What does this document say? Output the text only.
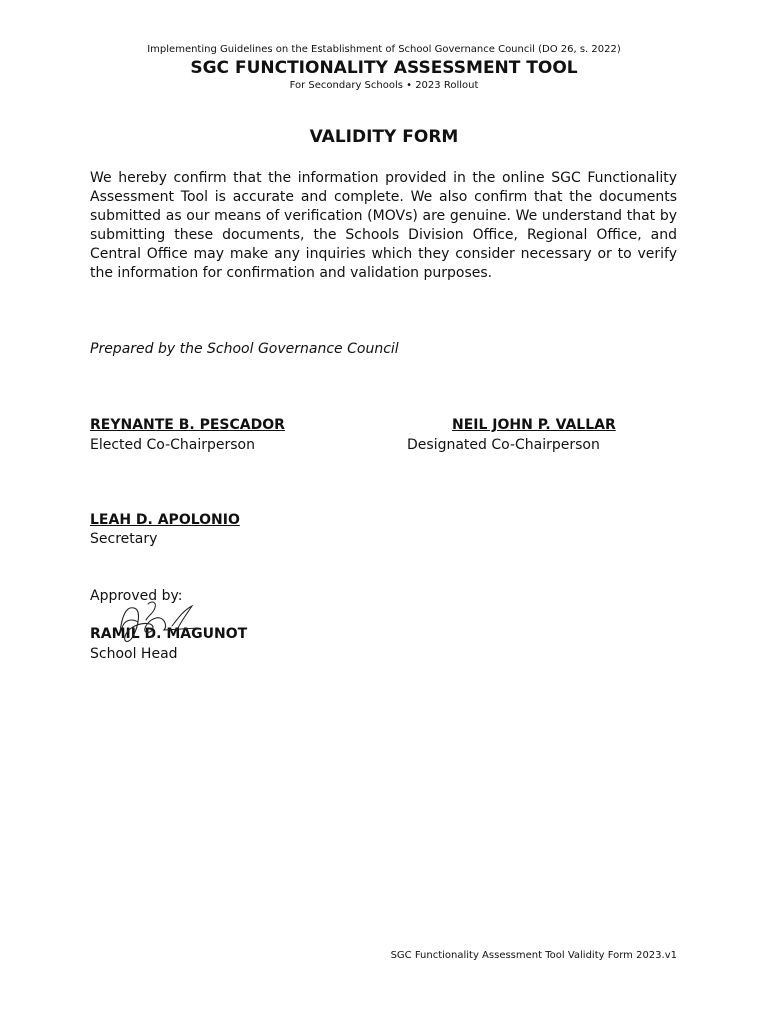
Implementing Guidelines on the Establishment of School Governance Council (DO 26, s. 2022)
SGC FUNCTIONALITY ASSESSMENT TOOL
For Secondary Schools • 2023 Rollout
VALIDITY FORM
We hereby confirm that the information provided in the online SGC Functionality Assessment Tool is accurate and complete. We also confirm that the documents submitted as our means of verification (MOVs) are genuine. We understand that by submitting these documents, the Schools Division Office, Regional Office, and Central Office may make any inquiries which they consider necessary or to verify the information for confirmation and validation purposes.
Prepared by the School Governance Council
REYNANTE B. PESCADOR
Elected Co-Chairperson
NEIL JOHN P. VALLAR
Designated Co-Chairperson
LEAH D. APOLONIO
Secretary
Approved by:
RAMIL D. MAGUNOT
School Head
SGC Functionality Assessment Tool Validity Form 2023.v1
